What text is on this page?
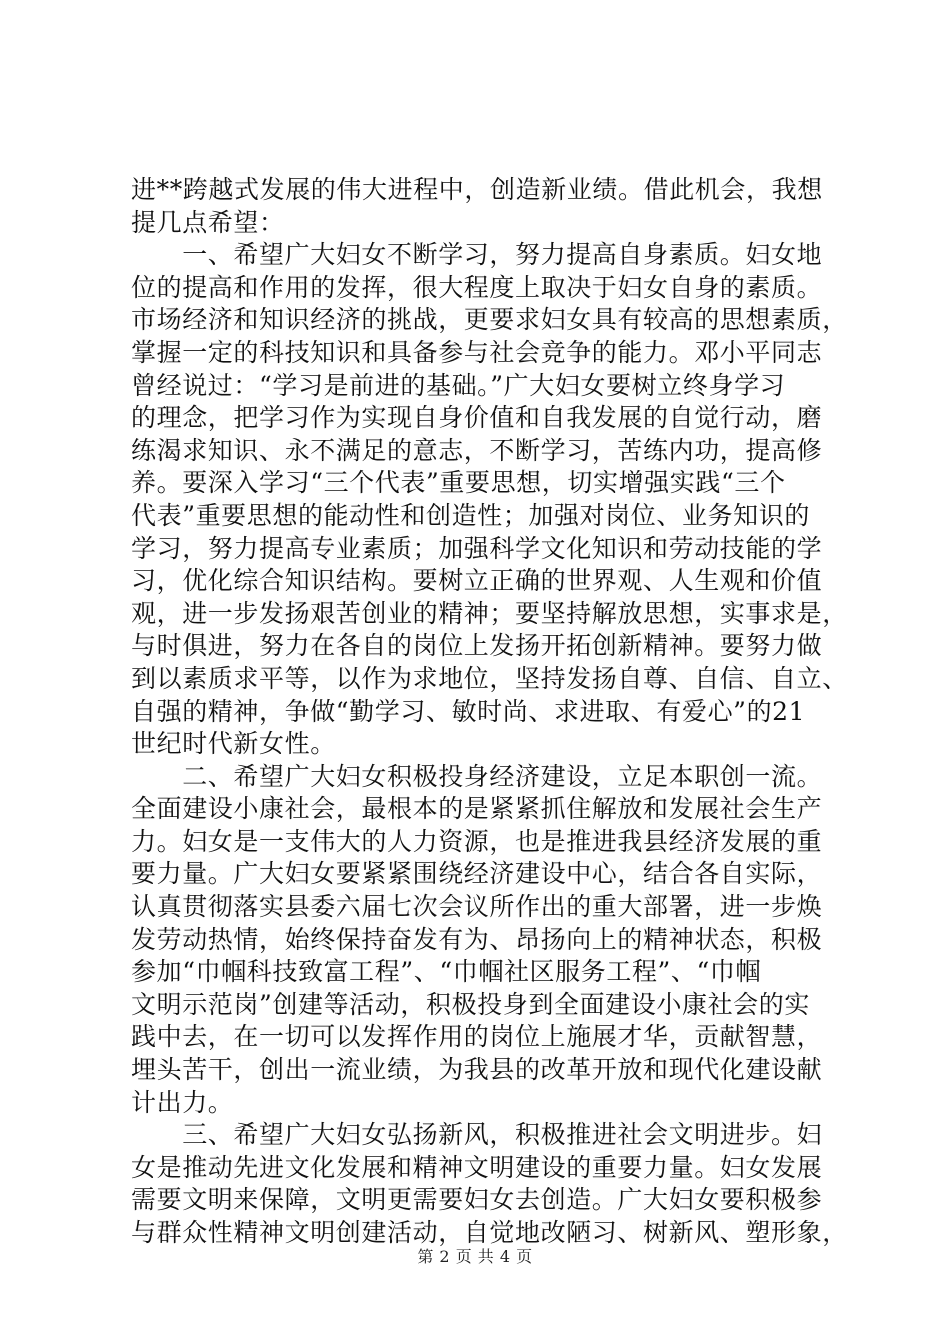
进**跨越式发展的伟大进程中，创造新业绩。借此机会，我想
提几点希望：
　　一、希望广大妇女不断学习，努力提高自身素质。妇女地
位的提高和作用的发挥，很大程度上取决于妇女自身的素质。
市场经济和知识经济的挑战，更要求妇女具有较高的思想素质，
掌握一定的科技知识和具备参与社会竞争的能力。邓小平同志
曾经说过：“学习是前进的基础。”广大妇女要树立终身学习
的理念，把学习作为实现自身价值和自我发展的自觉行动，磨
练渴求知识、永不满足的意志，不断学习，苦练内功，提高修
养。要深入学习“三个代表”重要思想，切实增强实践“三个
代表”重要思想的能动性和创造性；加强对岗位、业务知识的
学习，努力提高专业素质；加强科学文化知识和劳动技能的学
习，优化综合知识结构。要树立正确的世界观、人生观和价值
观，进一步发扬艰苦创业的精神；要坚持解放思想，实事求是，
与时俱进，努力在各自的岗位上发扬开拓创新精神。要努力做
到以素质求平等，以作为求地位，坚持发扬自尊、自信、自立、
自强的精神，争做“勤学习、敏时尚、求进取、有爱心”的21
世纪时代新女性。
　　二、希望广大妇女积极投身经济建设，立足本职创一流。
全面建设小康社会，最根本的是紧紧抓住解放和发展社会生产
力。妇女是一支伟大的人力资源，也是推进我县经济发展的重
要力量。广大妇女要紧紧围绕经济建设中心，结合各自实际，
认真贯彻落实县委六届七次会议所作出的重大部署，进一步焕
发劳动热情，始终保持奋发有为、昂扬向上的精神状态，积极
参加“巾帼科技致富工程”、“巾帼社区服务工程”、“巾帼
文明示范岗”创建等活动，积极投身到全面建设小康社会的实
践中去，在一切可以发挥作用的岗位上施展才华，贡献智慧，
埋头苦干，创出一流业绩，为我县的改革开放和现代化建设献
计出力。
　　三、希望广大妇女弘扬新风，积极推进社会文明进步。妇
女是推动先进文化发展和精神文明建设的重要力量。妇女发展
需要文明来保障，文明更需要妇女去创造。广大妇女要积极参
与群众性精神文明创建活动，自觉地改陋习、树新风、塑形象，
第 2 页 共 4 页
